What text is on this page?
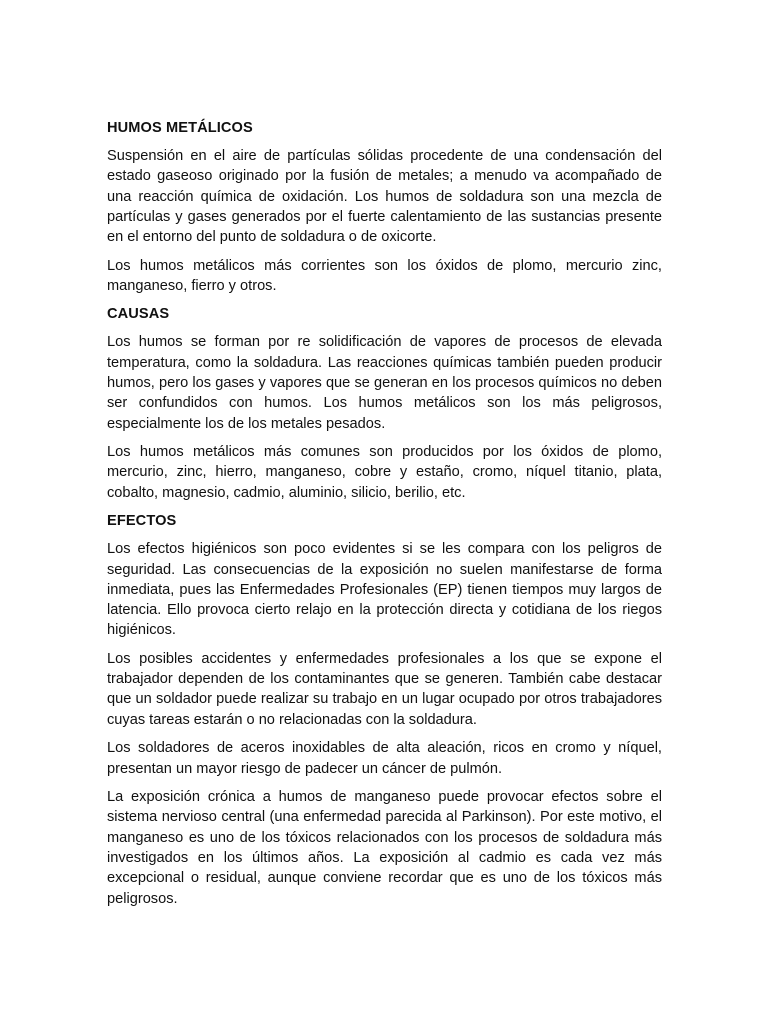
HUMOS METÁLICOS

Suspensión en el aire de partículas sólidas procedente de una condensación del estado gaseoso originado por la fusión de metales; a menudo va acompañado de una reacción química de oxidación. Los humos de soldadura son una mezcla de partículas y gases generados por el fuerte calentamiento de las sustancias presente en el entorno del punto de soldadura o de oxicorte.

Los humos metálicos más corrientes son los óxidos de plomo, mercurio zinc, manganeso, fierro y otros.

CAUSAS

Los humos se forman por re solidificación de vapores de procesos de elevada temperatura, como la soldadura. Las reacciones químicas también pueden producir humos, pero los gases y vapores que se generan en los procesos químicos no deben ser confundidos con humos. Los humos metálicos son los más peligrosos, especialmente los de los metales pesados.

Los humos metálicos más comunes son producidos por los óxidos de plomo, mercurio, zinc, hierro, manganeso, cobre y estaño, cromo, níquel titanio, plata, cobalto, magnesio, cadmio, aluminio, silicio, berilio, etc.

EFECTOS

Los efectos higiénicos son poco evidentes si se les compara con los peligros de seguridad. Las consecuencias de la exposición no suelen manifestarse de forma inmediata, pues las Enfermedades Profesionales (EP) tienen tiempos muy largos de latencia. Ello provoca cierto relajo en la protección directa y cotidiana de los riegos higiénicos.

Los posibles accidentes y enfermedades profesionales a los que se expone el trabajador dependen de los contaminantes que se generen. También cabe destacar que un soldador puede realizar su trabajo en un lugar ocupado por otros trabajadores cuyas tareas estarán o no relacionadas con la soldadura.

Los soldadores de aceros inoxidables de alta aleación, ricos en cromo y níquel, presentan un mayor riesgo de padecer un cáncer de pulmón.

La exposición crónica a humos de manganeso puede provocar efectos sobre el sistema nervioso central (una enfermedad parecida al Parkinson). Por este motivo, el manganeso es uno de los tóxicos relacionados con los procesos de soldadura más investigados en los últimos años. La exposición al cadmio es cada vez más excepcional o residual, aunque conviene recordar que es uno de los tóxicos más peligrosos.
